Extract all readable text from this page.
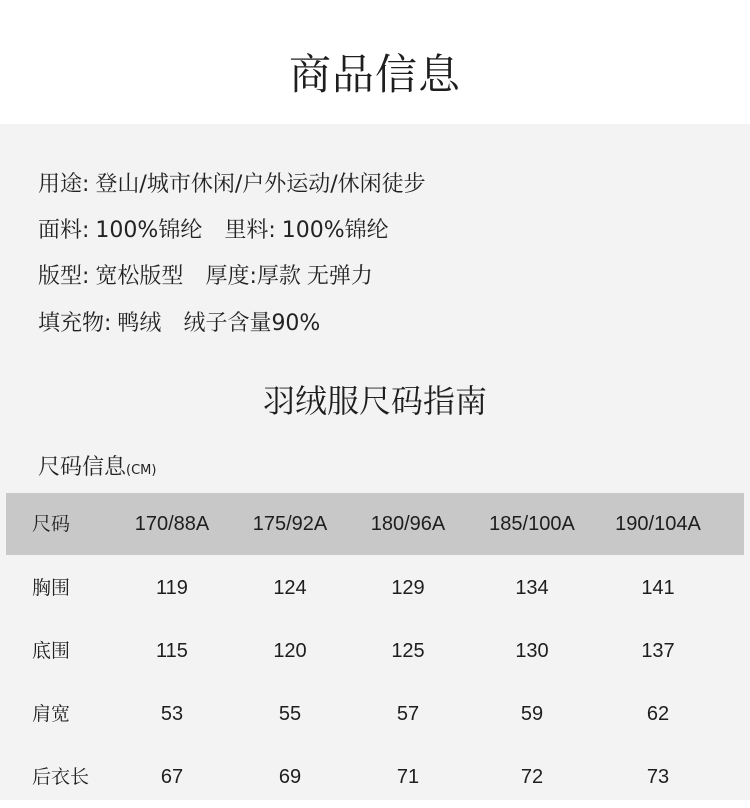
商品信息
用途: 登山/城市休闲/户外运动/休闲徒步
面料: 100%锦纶 里料: 100%锦纶
版型: 宽松版型 厚度:厚款 无弹力
填充物: 鸭绒 绒子含量90%
羽绒服尺码指南
尺码信息(CM)
尺码	170/88A	175/92A	180/96A	185/100A	190/104A
胸围	119	124	129	134	141
底围	115	120	125	130	137
肩宽	53	55	57	59	62
后衣长	67	69	71	72	73
